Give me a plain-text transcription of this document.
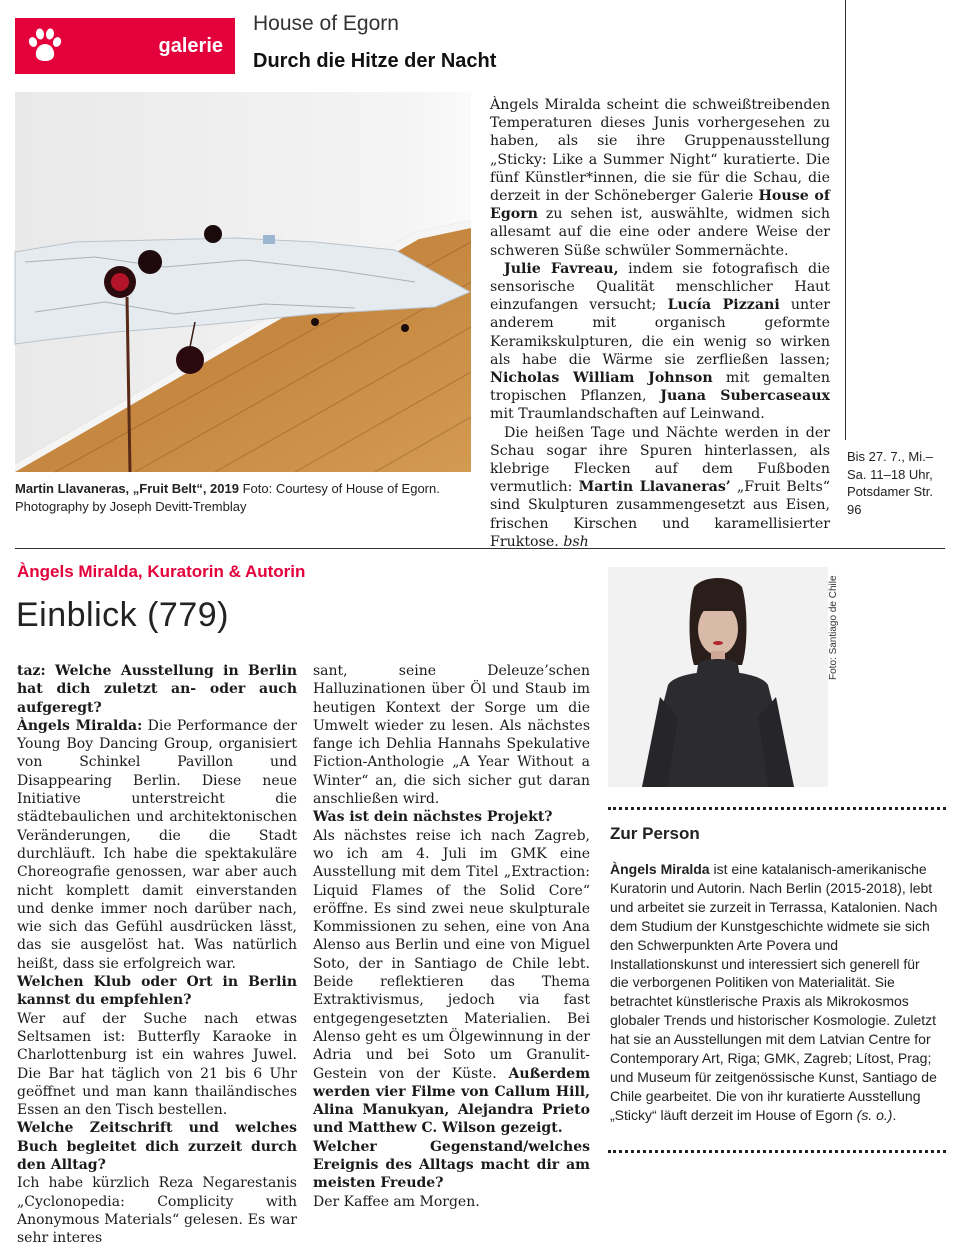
galerie
House of Egorn
Durch die Hitze der Nacht
Martin Llavaneras, „Fruit Belt“, 2019 Foto: Courtesy of House of Egorn. Photography by Joseph Devitt-Tremblay

Àngels Miralda scheint die schweißtreibenden Temperaturen dieses Junis vorhergesehen zu haben, als sie ihre Gruppenausstellung „Sticky: Like a Summer Night“ kuratierte. Die fünf Künstler*innen, die sie für die Schau, die derzeit in der Schöneberger Galerie House of Egorn zu sehen ist, auswählte, widmen sich allesamt auf die eine oder andere Weise der schweren Süße schwüler Sommernächte.

Julie Favreau, indem sie fotografisch die sensorische Qualität menschlicher Haut einzufangen versucht; Lucía Pizzani unter anderem mit organisch geformte Keramikskulpturen, die ein wenig so wirken als habe die Wärme sie zerfließen lassen; Nicholas William Johnson mit gemalten tropischen Pflanzen, Juana Subercaseaux mit Traumlandschaften auf Leinwand.

Die heißen Tage und Nächte werden in der Schau sogar ihre Spuren hinterlassen, als klebrige Flecken auf dem Fußboden vermutlich: Martin Llavaneras’ „Fruit Belts“ sind Skulpturen zusammengesetzt aus Eisen, frischen Kirschen und karamellisierter Fruktose. bsh

Bis 27. 7., Mi.–Sa. 11–18 Uhr, Potsdamer Str. 96
Àngels Miralda, Kuratorin & Autorin
Einblick (779)
taz: Welche Ausstellung in Berlin hat dich zuletzt an- oder auch aufgeregt?
Àngels Miralda: Die Performance der Young Boy Dancing Group, organisiert von Schinkel Pavillon und Disappearing Berlin. Diese neue Initiative unterstreicht die städtebaulichen und architektonischen Veränderungen, die die Stadt durchläuft. Ich habe die spektakuläre Choreografie genossen, war aber auch nicht komplett damit einverstanden und denke immer noch darüber nach, wie sich das Gefühl ausdrücken lässt, das sie ausgelöst hat. Was natürlich heißt, dass sie erfolgreich war.
Welchen Klub oder Ort in Berlin kannst du empfehlen?
Wer auf der Suche nach etwas Seltsamen ist: Butterfly Karaoke in Charlottenburg ist ein wahres Juwel. Die Bar hat täglich von 21 bis 6 Uhr geöffnet und man kann thailändisches Essen an den Tisch bestellen.
Welche Zeitschrift und welches Buch begleitet dich zurzeit durch den Alltag?
Ich habe kürzlich Reza Negarestanis „Cyclonopedia: Complicity with Anonymous Materials“ gelesen. Es war sehr interes
sant, seine Deleuze’schen Halluzinationen über Öl und Staub im heutigen Kontext der Sorge um die Umwelt wieder zu lesen. Als nächstes fange ich Dehlia Hannahs Spekulative Fiction-Anthologie „A Year Without a Winter“ an, die sich sicher gut daran anschließen wird.
Was ist dein nächstes Projekt?
Als nächstes reise ich nach Zagreb, wo ich am 4. Juli im GMK eine Ausstellung mit dem Titel „Extraction: Liquid Flames of the Solid Core“ eröffne. Es sind zwei neue skulpturale Kommissionen zu sehen, eine von Ana Alenso aus Berlin und eine von Miguel Soto, der in Santiago de Chile lebt. Beide reflektieren das Thema Extraktivismus, jedoch via fast entgegengesetzten Materialien. Bei Alenso geht es um Ölgewinnung in der Adria und bei Soto um Granulit-Gestein von der Küste. Außerdem werden vier Filme von Callum Hill, Alina Manukyan, Alejandra Prieto und Matthew C. Wilson gezeigt.
Welcher Gegenstand/welches Ereignis des Alltags macht dir am meisten Freude?
Der Kaffee am Morgen.
Foto: Santiago de Chile
Zur Person
Àngels Miralda ist eine katalanisch-amerikanische Kuratorin und Autorin. Nach Berlin (2015-2018), lebt und arbeitet sie zurzeit in Terrassa, Katalonien. Nach dem Studium der Kunstgeschichte widmete sie sich den Schwerpunkten Arte Povera und Installationskunst und interessiert sich generell für die verborgenen Politiken von Materialität. Sie betrachtet künstlerische Praxis als Mikrokosmos globaler Trends und historischer Kosmologie. Zuletzt hat sie an Ausstellungen mit dem Latvian Centre for Contemporary Art, Riga; GMK, Zagreb; Lítost, Prag; und Museum für zeitgenössische Kunst, Santiago de Chile gearbeitet. Die von ihr kuratierte Ausstellung „Sticky“ läuft derzeit im House of Egorn (s. o.).
